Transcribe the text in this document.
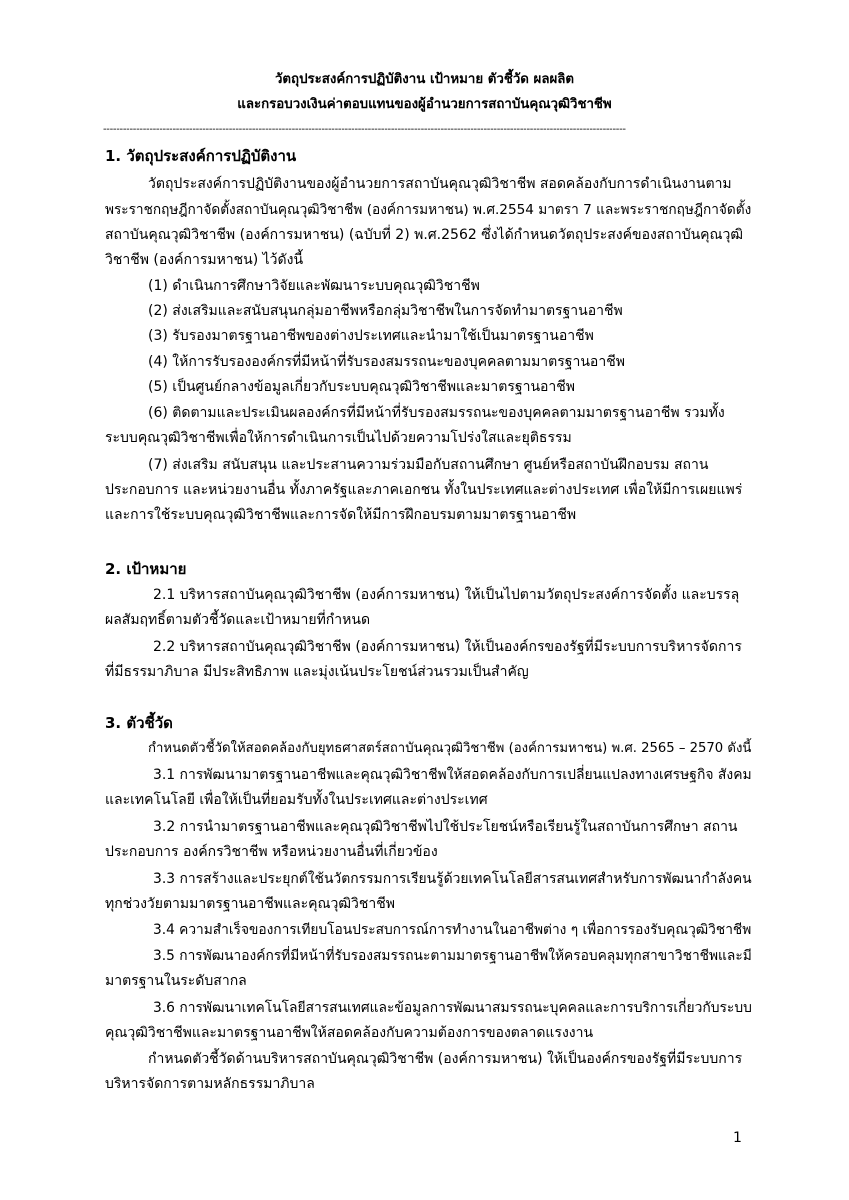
วัตถุประสงค์การปฏิบัติงาน เป้าหมาย ตัวชี้วัด ผลผลิต
และกรอบวงเงินค่าตอบแทนของผู้อำนวยการสถาบันคุณวุฒิวิชาชีพ
--------------------------------------------------------------------------------------------------------------------------------------------------------------
1. วัตถุประสงค์การปฏิบัติงาน
วัตถุประสงค์การปฏิบัติงานของผู้อำนวยการสถาบันคุณวุฒิวิชาชีพ สอดคล้องกับการดำเนินงานตาม
พระราชกฤษฎีกาจัดตั้งสถาบันคุณวุฒิวิชาชีพ (องค์การมหาชน) พ.ศ.2554 มาตรา 7 และพระราชกฤษฎีกาจัดตั้ง
สถาบันคุณวุฒิวิชาชีพ (องค์การมหาชน) (ฉบับที่ 2) พ.ศ.2562 ซึ่งได้กำหนดวัตถุประสงค์ของสถาบันคุณวุฒิ
วิชาชีพ (องค์การมหาชน) ไว้ดังนี้
(1) ดำเนินการศึกษาวิจัยและพัฒนาระบบคุณวุฒิวิชาชีพ
(2) ส่งเสริมและสนับสนุนกลุ่มอาชีพหรือกลุ่มวิชาชีพในการจัดทำมาตรฐานอาชีพ
(3) รับรองมาตรฐานอาชีพของต่างประเทศและนำมาใช้เป็นมาตรฐานอาชีพ
(4) ให้การรับรององค์กรที่มีหน้าที่รับรองสมรรถนะของบุคคลตามมาตรฐานอาชีพ
(5) เป็นศูนย์กลางข้อมูลเกี่ยวกับระบบคุณวุฒิวิชาชีพและมาตรฐานอาชีพ
(6) ติดตามและประเมินผลองค์กรที่มีหน้าที่รับรองสมรรถนะของบุคคลตามมาตรฐานอาชีพ รวมทั้ง
ระบบคุณวุฒิวิชาชีพเพื่อให้การดำเนินการเป็นไปด้วยความโปร่งใสและยุติธรรม
(7) ส่งเสริม สนับสนุน และประสานความร่วมมือกับสถานศึกษา ศูนย์หรือสถาบันฝึกอบรม สถาน
ประกอบการ และหน่วยงานอื่น ทั้งภาครัฐและภาคเอกชน ทั้งในประเทศและต่างประเทศ เพื่อให้มีการเผยแพร่
และการใช้ระบบคุณวุฒิวิชาชีพและการจัดให้มีการฝึกอบรมตามมาตรฐานอาชีพ
2. เป้าหมาย
2.1 บริหารสถาบันคุณวุฒิวิชาชีพ (องค์การมหาชน) ให้เป็นไปตามวัตถุประสงค์การจัดตั้ง และบรรลุ
ผลสัมฤทธิ์ตามตัวชี้วัดและเป้าหมายที่กำหนด
2.2 บริหารสถาบันคุณวุฒิวิชาชีพ (องค์การมหาชน) ให้เป็นองค์กรของรัฐที่มีระบบการบริหารจัดการ
ที่มีธรรมาภิบาล มีประสิทธิภาพ และมุ่งเน้นประโยชน์ส่วนรวมเป็นสำคัญ
3. ตัวชี้วัด
กำหนดตัวชี้วัดให้สอดคล้องกับยุทธศาสตร์สถาบันคุณวุฒิวิชาชีพ (องค์การมหาชน) พ.ศ. 2565 – 2570 ดังนี้
3.1 การพัฒนามาตรฐานอาชีพและคุณวุฒิวิชาชีพให้สอดคล้องกับการเปลี่ยนแปลงทางเศรษฐกิจ สังคม
และเทคโนโลยี เพื่อให้เป็นที่ยอมรับทั้งในประเทศและต่างประเทศ
3.2 การนำมาตรฐานอาชีพและคุณวุฒิวิชาชีพไปใช้ประโยชน์หรือเรียนรู้ในสถาบันการศึกษา สถาน
ประกอบการ องค์กรวิชาชีพ หรือหน่วยงานอื่นที่เกี่ยวข้อง
3.3 การสร้างและประยุกต์ใช้นวัตกรรมการเรียนรู้ด้วยเทคโนโลยีสารสนเทศสำหรับการพัฒนากำลังคน
ทุกช่วงวัยตามมาตรฐานอาชีพและคุณวุฒิวิชาชีพ
3.4 ความสำเร็จของการเทียบโอนประสบการณ์การทำงานในอาชีพต่าง ๆ เพื่อการรองรับคุณวุฒิวิชาชีพ
3.5 การพัฒนาองค์กรที่มีหน้าที่รับรองสมรรถนะตามมาตรฐานอาชีพให้ครอบคลุมทุกสาขาวิชาชีพและมี
มาตรฐานในระดับสากล
3.6 การพัฒนาเทคโนโลยีสารสนเทศและข้อมูลการพัฒนาสมรรถนะบุคคลและการบริการเกี่ยวกับระบบ
คุณวุฒิวิชาชีพและมาตรฐานอาชีพให้สอดคล้องกับความต้องการของตลาดแรงงาน
กำหนดตัวชี้วัดด้านบริหารสถาบันคุณวุฒิวิชาชีพ (องค์การมหาชน) ให้เป็นองค์กรของรัฐที่มีระบบการ
บริหารจัดการตามหลักธรรมาภิบาล
1
